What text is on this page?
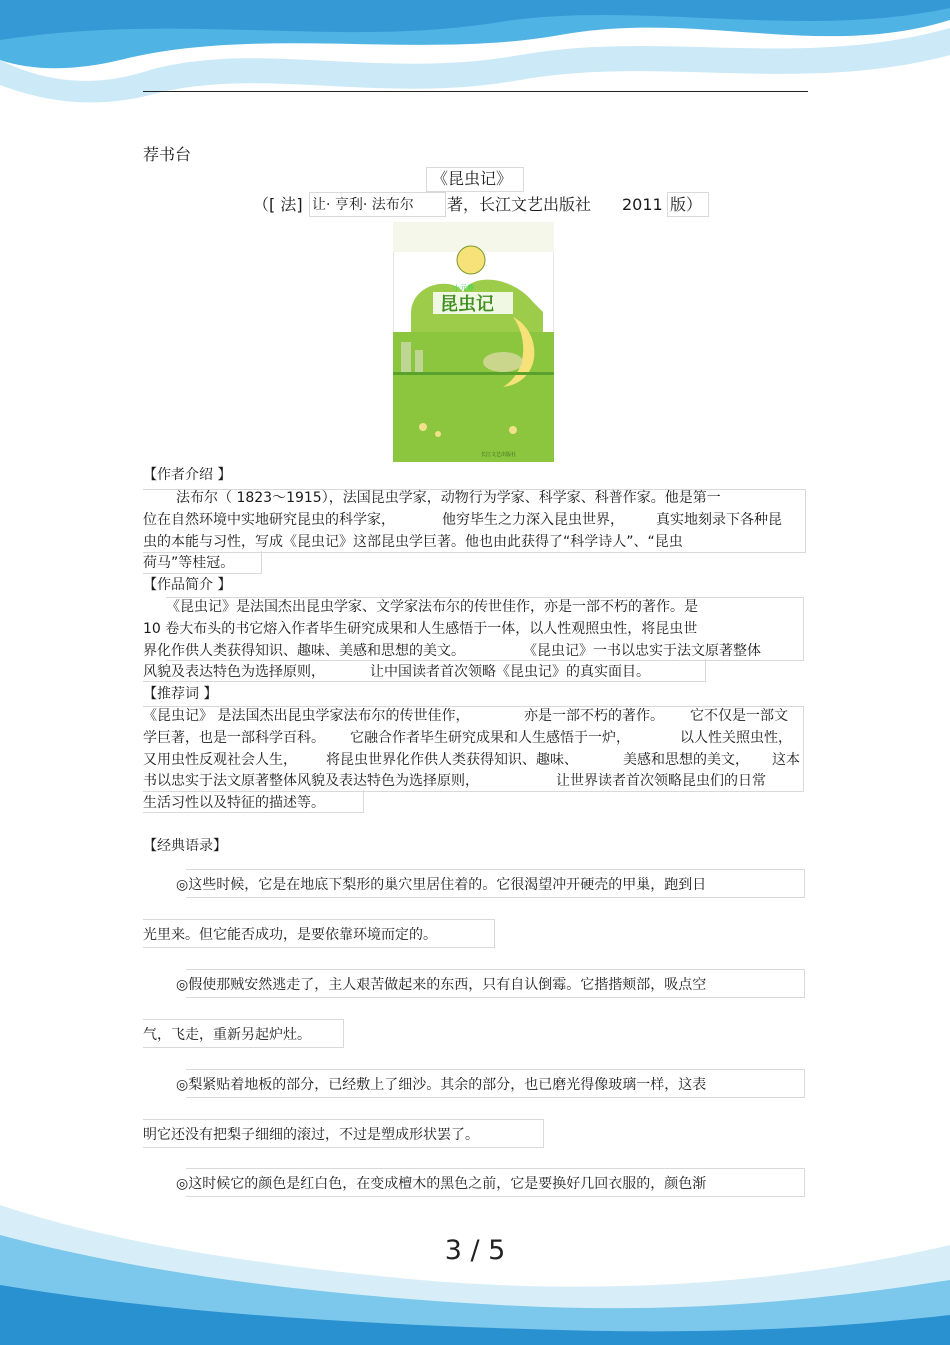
荐书台
《昆虫记》
（[ 法] 让· 亨利· 法布尔 著，长江文艺出版社 2011 版）
小元鼎
昆虫记
长江文艺出版社
【作者介绍 】
法布尔（ 1823～1915），法国昆虫学家，动物行为学家、科学家、科普作家。他是第一
位在自然环境中实地研究昆虫的科学家，	他穷毕生之力深入昆虫世界， 真实地刻录下各种昆
虫的本能与习性，写成《昆虫记》这部昆虫学巨著。他也由此获得了“科学诗人”、“昆虫
荷马”等桂冠。
【作品简介 】
《昆虫记》是法国杰出昆虫学家、文学家法布尔的传世佳作，亦是一部不朽的著作。是
10 卷大布头的书它熔入作者毕生研究成果和人生感悟于一体，以人性观照虫性，将昆虫世
界化作供人类获得知识、趣味、美感和思想的美文。	《昆虫记》一书以忠实于法文原著整体
风貌及表达特色为选择原则，	让中国读者首次领略《昆虫记》的真实面目。
【推荐词 】
《昆虫记》 是法国杰出昆虫学家法布尔的传世佳作，	亦是一部不朽的著作。 它不仅是一部文
学巨著，也是一部科学百科。 它融合作者毕生研究成果和人生感悟于一炉，	以人性关照虫性，
又用虫性反观社会人生， 将昆虫世界化作供人类获得知识、趣味、	美感和思想的美文， 这本
书以忠实于法文原著整体风貌及表达特色为选择原则，	让世界读者首次领略昆虫们的日常
生活习性以及特征的描述等。
【经典语录】
◎这些时候，它是在地底下梨形的巢穴里居住着的。它很渴望冲开硬壳的甲巢，跑到日
光里来。但它能否成功，是要依靠环境而定的。
◎假使那贼安然逃走了，主人艰苦做起来的东西，只有自认倒霉。它揩揩颊部，吸点空
气，飞走，重新另起炉灶。
◎梨紧贴着地板的部分，已经敷上了细沙。其余的部分，也已磨光得像玻璃一样，这表
明它还没有把梨子细细的滚过，不过是塑成形状罢了。
◎这时候它的颜色是红白色，在变成檀木的黑色之前，它是要换好几回衣服的，颜色渐
3 / 5
